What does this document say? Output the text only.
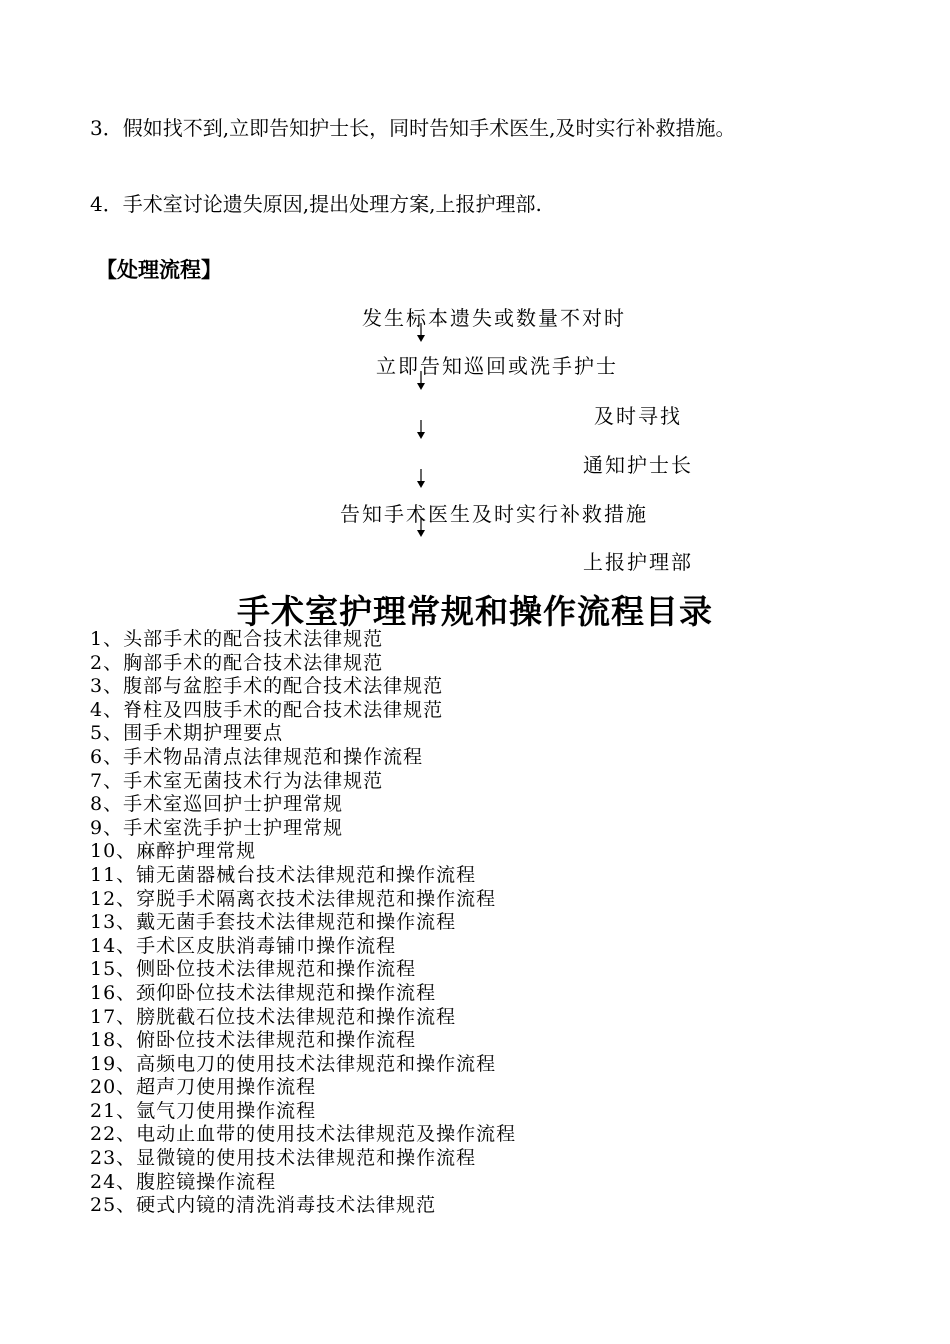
3．假如找不到,立即告知护士长，同时告知手术医生,及时实行补救措施。
4．手术室讨论遗失原因,提出处理方案,上报护理部.
【处理流程】
发生标本遗失或数量不对时
立即告知巡回或洗手护士
及时寻找
通知护士长
告知手术医生及时实行补救措施
上报护理部
手术室护理常规和操作流程目录
1、头部手术的配合技术法律规范
2、胸部手术的配合技术法律规范
3、腹部与盆腔手术的配合技术法律规范
4、脊柱及四肢手术的配合技术法律规范
5、围手术期护理要点
6、手术物品清点法律规范和操作流程
7、手术室无菌技术行为法律规范
8、手术室巡回护士护理常规
9、手术室洗手护士护理常规
10、麻醉护理常规
11、铺无菌器械台技术法律规范和操作流程
12、穿脱手术隔离衣技术法律规范和操作流程
13、戴无菌手套技术法律规范和操作流程
14、手术区皮肤消毒铺巾操作流程
15、侧卧位技术法律规范和操作流程
16、颈仰卧位技术法律规范和操作流程
17、膀胱截石位技术法律规范和操作流程
18、俯卧位技术法律规范和操作流程
19、高频电刀的使用技术法律规范和操作流程
20、超声刀使用操作流程
21、氩气刀使用操作流程
22、电动止血带的使用技术法律规范及操作流程
23、显微镜的使用技术法律规范和操作流程
24、腹腔镜操作流程
25、硬式内镜的清洗消毒技术法律规范
